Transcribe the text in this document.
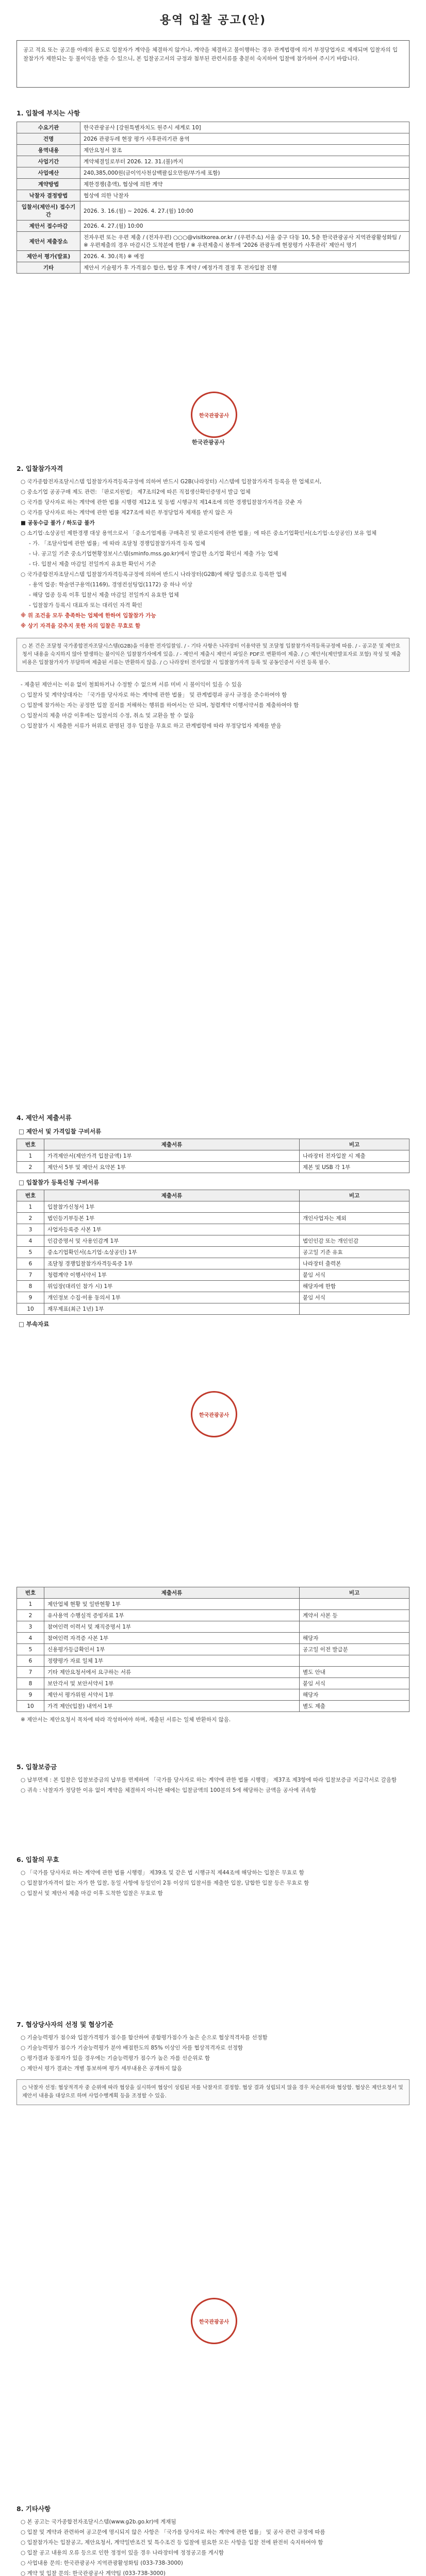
용역 입찰 공고(안)
공고 적요 또는 공고를 아래의 용도로 입찰자가 계약을 체결하지 않거나, 계약을 체결하고 불이행하는 경우 관계법령에 의거 부정당업자로 제재되며 입찰자의 입찰참가가 제한되는 등 불이익을 받을 수 있으니, 본 입찰공고서의 규정과 첨부된 관련서류를 충분히 숙지하여 입찰에 참가하여 주시기 바랍니다.
1. 입찰에 부치는 사항
수요기관	한국관광공사 [강원특별자치도 원주시 세계로 10]
건명	2026 관광두레 현장 평가 사후관리기관 용역
용역내용	제안요청서 참조
사업기간	계약체결일로부터 2026. 12. 31.(불)까지
사업예산	240,385,000원(금이억사천삼백팔십오만원/부가세 포함)
계약방법	제한경쟁(총액), 협상에 의한 계약
낙찰자 결정방법	협상에 의한 낙찰자
입찰서(제안서) 접수기간	2026. 3. 16.(월) ~ 2026. 4. 27.(월) 10:00
제안서 접수마감	2026. 4. 27.(월) 10:00
제안서 제출장소	전자우편 또는 우편 제출 / (전자우편) ○○○@visitkorea.or.kr / (우편주소) 서울 중구 다동 10, 5층 한국관광공사 지역관광활성화팀 / ※ 우편제출의 경우 마감시간 도착분에 한함 / ※ 우편제출시 봉투에 '2026 관광두레 현장평가 사후관리' 제안서 명기
제안서 평가(발표)	2026. 4. 30.(목) ※ 예정
기타	제안서 기술평가 후 가격점수 합산, 협상 후 계약 / 예정가격 결정 후 전자입찰 진행
한국관광공사
한국관광공사
2. 입찰참가자격
○ 국가종합전자조달시스템 입찰참가자격등록규정에 의하여 반드시 G2B(나라장터) 시스템에 입찰참가자격 등록을 한 업체로서,
○ 중소기업 공공구매 제도 관련: 「판로지원법」 제7조의2에 따른 직접생산확인증명서 발급 업체
○ 국가를 당사자로 하는 계약에 관한 법률 시행령 제12조 및 동법 시행규칙 제14조에 의한 경쟁입찰참가자격을 갖춘 자
○ 국가를 당사자로 하는 계약에 관한 법률 제27조에 따른 부정당업자 제재를 받지 않은 자
■ 공동수급 불가 / 하도급 불가
○ 소기업·소상공인 제한경쟁 대상 용역으로서 「중소기업제품 구매촉진 및 판로지원에 관한 법률」에 따른 중소기업확인서(소기업·소상공인) 보유 업체
- 가. 「조달사업에 관한 법률」에 따라 조달청 경쟁입찰참가자격 등록 업체
- 나. 공고일 기준 중소기업현황정보시스템(sminfo.mss.go.kr)에서 발급한 소기업 확인서 제출 가능 업체
- 다. 입찰서 제출 마감일 전일까지 유효한 확인서 기준
○ 국가종합전자조달시스템 입찰참가자격등록규정에 의하여 반드시 나라장터(G2B)에 해당 업종으로 등록한 업체
- 용역 업종: 학술연구용역(1169), 경영컨설팅업(1172) 중 하나 이상
- 해당 업종 등록 이후 입찰서 제출 마감일 전일까지 유효한 업체
- 입찰참가 등록시 대표자 또는 대리인 자격 확인
※ 위 조건을 모두 충족하는 업체에 한하여 입찰참가 가능
※ 상기 자격을 갖추지 못한 자의 입찰은 무효로 함
○ 본 건은 조달청 국가종합전자조달시스템(G2B)을 이용한 전자입찰임. / - 기타 사항은 나라장터 이용약관 및 조달청 입찰참가자격등록규정에 따름. / - 공고문 및 제안요청서 내용을 숙지하지 않아 발생하는 불이익은 입찰참가자에게 있음. / - 제안서 제출시 제안서 파일은 PDF로 변환하여 제출. / ○ 제안서(제안발표자료 포함) 작성 및 제출 비용은 입찰참가자가 부담하며 제출된 서류는 반환하지 않음. / ○ 나라장터 전자입찰 시 입찰참가자격 등록 및 공동인증서 사전 등록 필수.
- 제출된 제안서는 이유 없이 철회하거나 수정할 수 없으며 서류 미비 시 불이익이 있을 수 있음
○ 입찰자 및 계약상대자는 「국가를 당사자로 하는 계약에 관한 법률」 및 관계법령과 공사 규정을 준수하여야 함
○ 입찰에 참가하는 자는 공정한 입찰 질서를 저해하는 행위를 하여서는 안 되며, 청렴계약 이행서약서를 제출하여야 함
○ 입찰서의 제출 마감 이후에는 입찰서의 수정, 취소 및 교환을 할 수 없음
○ 입찰참가 시 제출한 서류가 허위로 판명된 경우 입찰을 무효로 하고 관계법령에 따라 부정당업자 제재를 받음
4. 제안서 제출서류
□ 제안서 및 가격입찰 구비서류
번호	제출서류	비고
1	가격제안서(제안가격 입찰금액) 1부	나라장터 전자입찰 시 제출
2	제안서 5부 및 제안서 요약본 1부	제본 및 USB 각 1부
□ 입찰참가 등록신청 구비서류
번호	제출서류	비고
1	입찰참가신청서 1부	
2	법인등기부등본 1부	개인사업자는 제외
3	사업자등록증 사본 1부	
4	인감증명서 및 사용인감계 1부	법인인감 또는 개인인감
5	중소기업확인서(소기업·소상공인) 1부	공고일 기준 유효
6	조달청 경쟁입찰참가자격등록증 1부	나라장터 출력본
7	청렴계약 이행서약서 1부	붙임 서식
8	위임장(대리인 참가 시) 1부	해당자에 한함
9	개인정보 수집·이용 동의서 1부	붙임 서식
10	재무제표(최근 1년) 1부	
□ 부속자료
한국관광공사
번호	제출서류	비고
1	제안업체 현황 및 일반현황 1부	
2	유사용역 수행실적 증빙자료 1부	계약서 사본 등
3	참여인력 이력서 및 재직증명서 1부	
4	참여인력 자격증 사본 1부	해당자
5	신용평가등급확인서 1부	공고일 이전 발급분
6	정량평가 자료 일체 1부	
7	기타 제안요청서에서 요구하는 서류	별도 안내
8	보안각서 및 보안서약서 1부	붙임 서식
9	제안서 평가위원 서약서 1부	해당자
10	가격 제안(입찰) 내역서 1부	별도 제출
※ 제안서는 제안요청서 목차에 따라 작성하여야 하며, 제출된 서류는 일체 반환하지 않음.
5. 입찰보증금
○ 납부면제 : 본 입찰은 입찰보증금의 납부를 면제하며 「국가를 당사자로 하는 계약에 관한 법률 시행령」 제37조 제3항에 따라 입찰보증금 지급각서로 갈음함
○ 귀속 : 낙찰자가 정당한 이유 없이 계약을 체결하지 아니한 때에는 입찰금액의 100분의 5에 해당하는 금액을 공사에 귀속함
6. 입찰의 무효
○ 「국가를 당사자로 하는 계약에 관한 법률 시행령」 제39조 및 같은 법 시행규칙 제44조에 해당하는 입찰은 무효로 함
○ 입찰참가자격이 없는 자가 한 입찰, 동일 사항에 동일인이 2통 이상의 입찰서를 제출한 입찰, 담합한 입찰 등은 무효로 함
○ 입찰서 및 제안서 제출 마감 이후 도착한 입찰은 무효로 함
7. 협상당사자의 선정 및 협상기준
○ 기술능력평가 점수와 입찰가격평가 점수를 합산하여 종합평가점수가 높은 순으로 협상적격자를 선정함
○ 기술능력평가 점수가 기술능력평가 분야 배점한도의 85% 이상인 자를 협상적격자로 선정함
○ 평가결과 동점자가 있을 경우에는 기술능력평가 점수가 높은 자를 선순위로 함
○ 제안서 평가 결과는 개별 통보하며 평가 세부내용은 공개하지 않음
○ 낙찰자 선정: 협상적격자 중 순위에 따라 협상을 실시하여 협상이 성립된 자를 낙찰자로 결정함. 협상 결과 성립되지 않을 경우 차순위자와 협상함. 협상은 제안요청서 및 제안서 내용을 대상으로 하며 사업수행계획 등을 조정할 수 있음.
한국관광공사
8. 기타사항
○ 본 공고는 국가종합전자조달시스템(www.g2b.go.kr)에 게재됨
○ 입찰 및 계약과 관련하여 공고문에 명시되지 않은 사항은 「국가를 당사자로 하는 계약에 관한 법률」 및 공사 관련 규정에 따름
○ 입찰참가자는 입찰공고, 제안요청서, 계약일반조건 및 특수조건 등 입찰에 필요한 모든 사항을 입찰 전에 완전히 숙지하여야 함
○ 입찰 공고 내용의 오류 등으로 인한 정정이 있을 경우 나라장터에 정정공고를 게시함
○ 사업내용 문의: 한국관광공사 지역관광활성화팀 (033-738-3000)
○ 계약 및 입찰 문의: 한국관광공사 계약팀 (033-738-3000)
